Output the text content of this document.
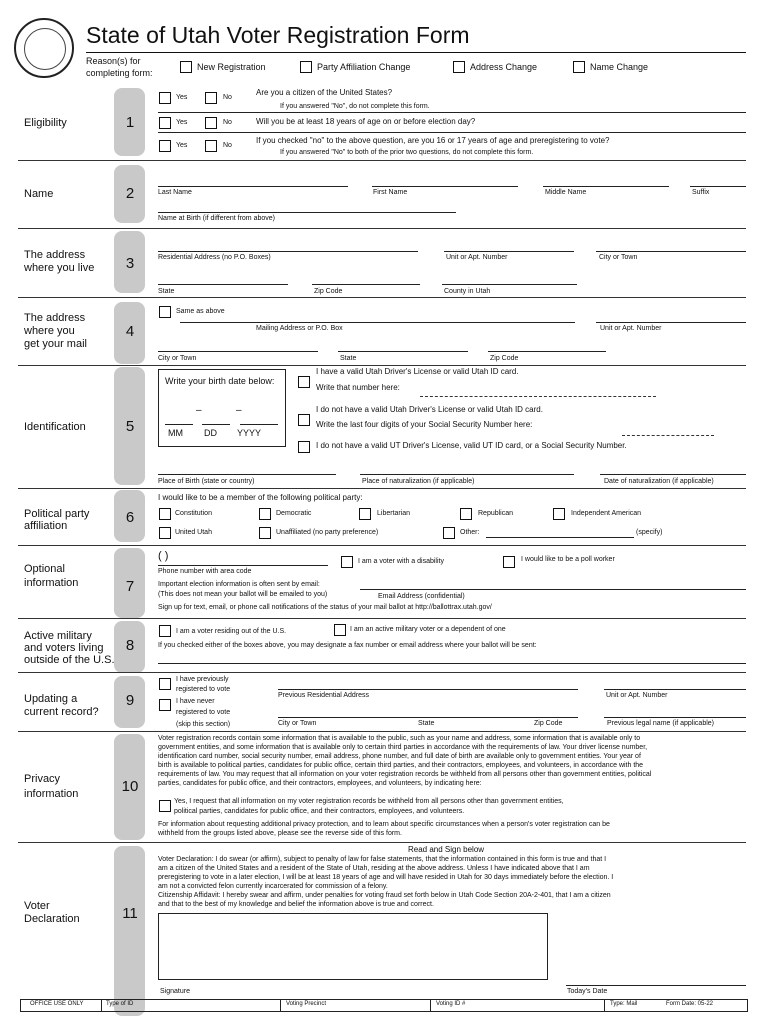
State of Utah Voter Registration Form
Reason(s) for
completing form:
New Registration	Party Affiliation Change	Address Change	Name Change
1
Eligibility
Yes	No
Are you a citizen of the United States?
If you answered "No", do not complete this form.
Yes	No	Will you be at least 18 years of age on or before election day?
Yes	No
If you checked "no" to the above question, are you 16 or 17 years of age and preregistering to vote?
If you answered "No" to both of the prior two questions, do not complete this form.
2
Name	Last Name	First Name	Middle Name	Suffix
Name at Birth (if different from above)
3
The address
where you live
Residential Address (no P.O. Boxes)	Unit or Apt. Number	City or Town
State	Zip Code	County in Utah
4
The address
where you
get your mail
Same as above
Mailing Address or P.O. Box	Unit or Apt. Number
City or Town	State	Zip Code
5
Identification
Write your birth date below:
–	–
MM DD YYYY
I have a valid Utah Driver's License or valid Utah ID card.
Write that number here:
I do not have a valid Utah Driver's License or valid Utah ID card.
Write the last four digits of your Social Security Number here:
I do not have a valid UT Driver's License, valid UT ID card, or a Social Security Number.
Place of Birth (state or country)	Place of naturalization (if applicable)	Date of naturalization (if applicable)
6
Political party
affiliation
I would like to be a member of the following political party:
Constitution	Democratic	Libertarian	Republican	Independent American
United Utah	Unaffiliated (no party preference)	Other:	(specify)
7
Optional
information
( )
Phone number with area code
I am a voter with a disability	I would like to be a poll worker
Important election information is often sent by email:
(This does not mean your ballot will be emailed to you)	Email Address (confidential)
Sign up for text, email, or phone call notifications of the status of your mail ballot at http://ballottrax.utah.gov/
8
Active military
and voters living
outside of the U.S.
I am a voter residing out of the U.S.	I am an active military voter or a dependent of one
If you checked either of the boxes above, you may designate a fax number or email address where your ballot will be sent:
9
Updating a
current record?
I have previously
registered to vote
I have never
registered to vote
(skip this section)
Previous Residential Address	Unit or Apt. Number
City or Town	State	Zip Code	Previous legal name (if applicable)
10
Privacy
information
Voter registration records contain some information that is available to the public, such as your name and address, some information that is available only to
government entities, and some information that is available only to certain third parties in accordance with the requirements of law. Your driver license number,
identification card number, social security number, email address, phone number, and full date of birth are available only to government entities. Your year of
birth is available to political parties, candidates for public office, certain third parties, and their contractors, employees, and volunteers, in accordance with the
requirements of law. You may request that all information on your voter registration records be withheld from all persons other than government entities, political
parties, candidates for public office, and their contractors, employees, and volunteers, by indicating here:
Yes, I request that all information on my voter registration records be withheld from all persons other than government entities,
political parties, candidates for public office, and their contractors, employees, and volunteers.
For information about requesting additional privacy protection, and to learn about specific circumstances when a person's voter registration can be
withheld from the groups listed above, please see the reverse side of this form.
11
Voter
Declaration
Read and Sign below
Voter Declaration: I do swear (or affirm), subject to penalty of law for false statements, that the information contained in this form is true and that I
am a citizen of the United States and a resident of the State of Utah, residing at the above address. Unless I have indicated above that I am
preregistering to vote in a later election, I will be at least 18 years of age and will have resided in Utah for 30 days immediately before the election. I
am not a convicted felon currently incarcerated for commission of a felony.
Citizenship Affidavit: I hereby swear and affirm, under penalties for voting fraud set forth below in Utah Code Section 20A-2-401, that I am a citizen
and that to the best of my knowledge and belief the information above is true and correct.
Signature	Today's Date
OFFICE USE ONLY	Type of ID	Voting Precinct	Voting ID #	Type: Mail	Form Date: 05-22
